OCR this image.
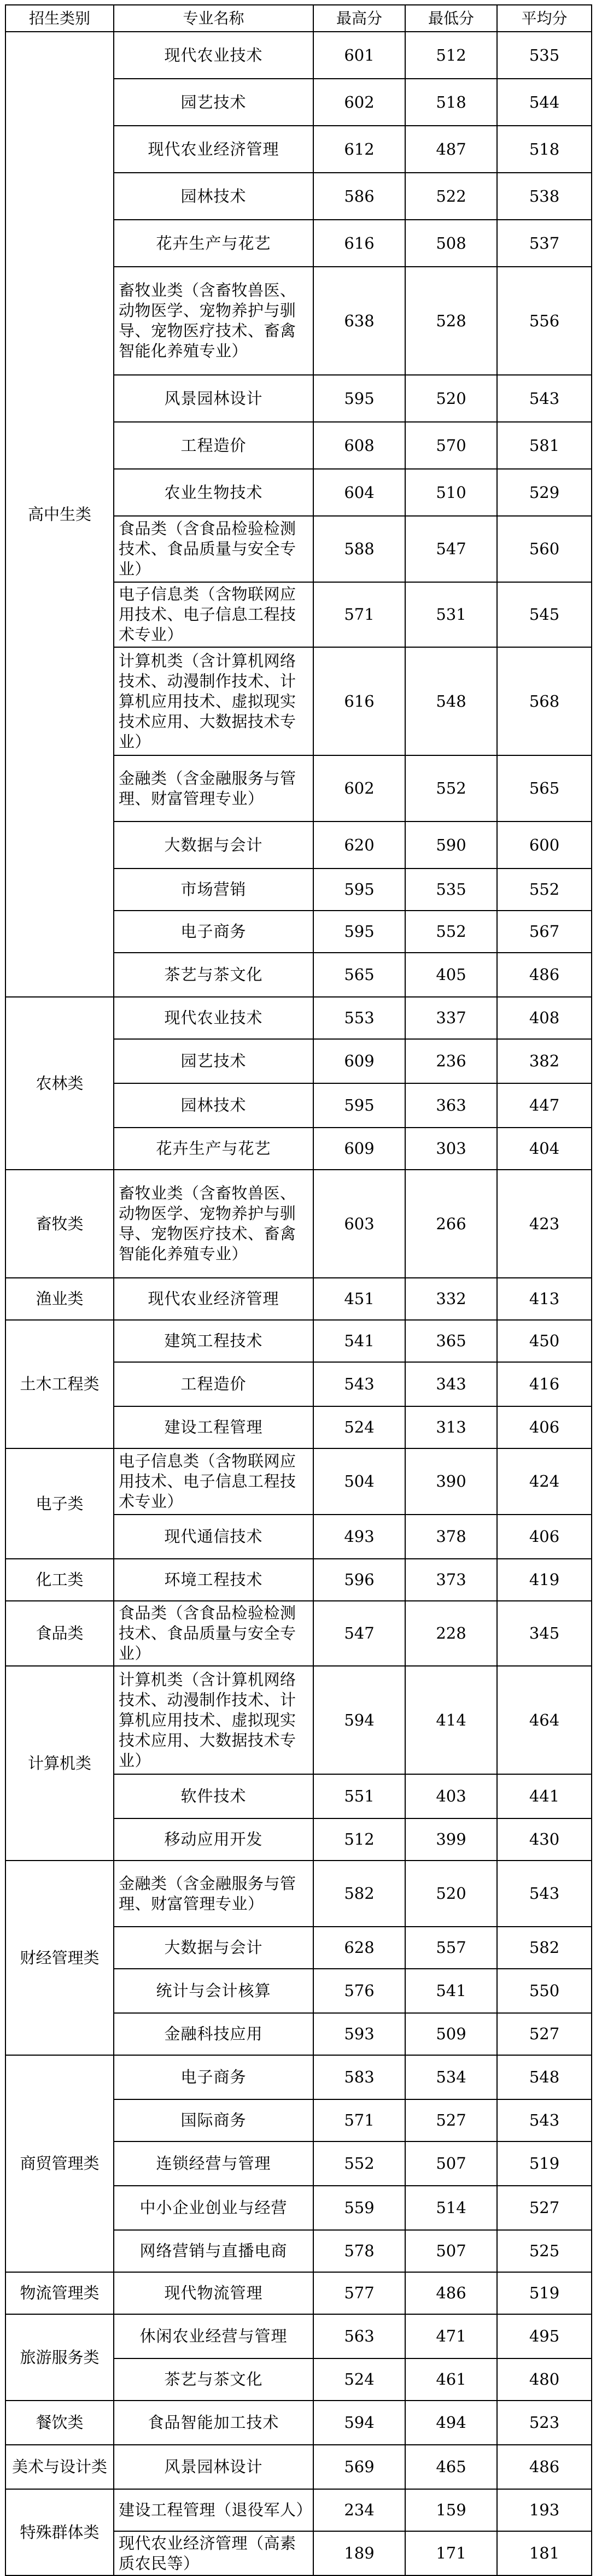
招生类别	专业名称	最高分	最低分	平均分
高中生类	现代农业技术	601	512	535
	园艺技术	602	518	544
	现代农业经济管理	612	487	518
	园林技术	586	522	538
	花卉生产与花艺	616	508	537
	畜牧业类（含畜牧兽医、动物医学、宠物养护与驯导、宠物医疗技术、畜禽智能化养殖专业）	638	528	556
	风景园林设计	595	520	543
	工程造价	608	570	581
	农业生物技术	604	510	529
	食品类（含食品检验检测技术、食品质量与安全专业）	588	547	560
	电子信息类（含物联网应用技术、电子信息工程技术专业）	571	531	545
	计算机类（含计算机网络技术、动漫制作技术、计算机应用技术、虚拟现实技术应用、大数据技术专业）	616	548	568
	金融类（含金融服务与管理、财富管理专业）	602	552	565
	大数据与会计	620	590	600
	市场营销	595	535	552
	电子商务	595	552	567
	茶艺与茶文化	565	405	486
农林类	现代农业技术	553	337	408
	园艺技术	609	236	382
	园林技术	595	363	447
	花卉生产与花艺	609	303	404
畜牧类	畜牧业类（含畜牧兽医、动物医学、宠物养护与驯导、宠物医疗技术、畜禽智能化养殖专业）	603	266	423
渔业类	现代农业经济管理	451	332	413
土木工程类	建筑工程技术	541	365	450
	工程造价	543	343	416
	建设工程管理	524	313	406
电子类	电子信息类（含物联网应用技术、电子信息工程技术专业）	504	390	424
	现代通信技术	493	378	406
化工类	环境工程技术	596	373	419
食品类	食品类（含食品检验检测技术、食品质量与安全专业）	547	228	345
计算机类	计算机类（含计算机网络技术、动漫制作技术、计算机应用技术、虚拟现实技术应用、大数据技术专业）	594	414	464
	软件技术	551	403	441
	移动应用开发	512	399	430
财经管理类	金融类（含金融服务与管理、财富管理专业）	582	520	543
	大数据与会计	628	557	582
	统计与会计核算	576	541	550
	金融科技应用	593	509	527
商贸管理类	电子商务	583	534	548
	国际商务	571	527	543
	连锁经营与管理	552	507	519
	中小企业创业与经营	559	514	527
	网络营销与直播电商	578	507	525
物流管理类	现代物流管理	577	486	519
旅游服务类	休闲农业经营与管理	563	471	495
	茶艺与茶文化	524	461	480
餐饮类	食品智能加工技术	594	494	523
美术与设计类	风景园林设计	569	465	486
特殊群体类	建设工程管理（退役军人）	234	159	193
	现代农业经济管理（高素质农民等）	189	171	181
